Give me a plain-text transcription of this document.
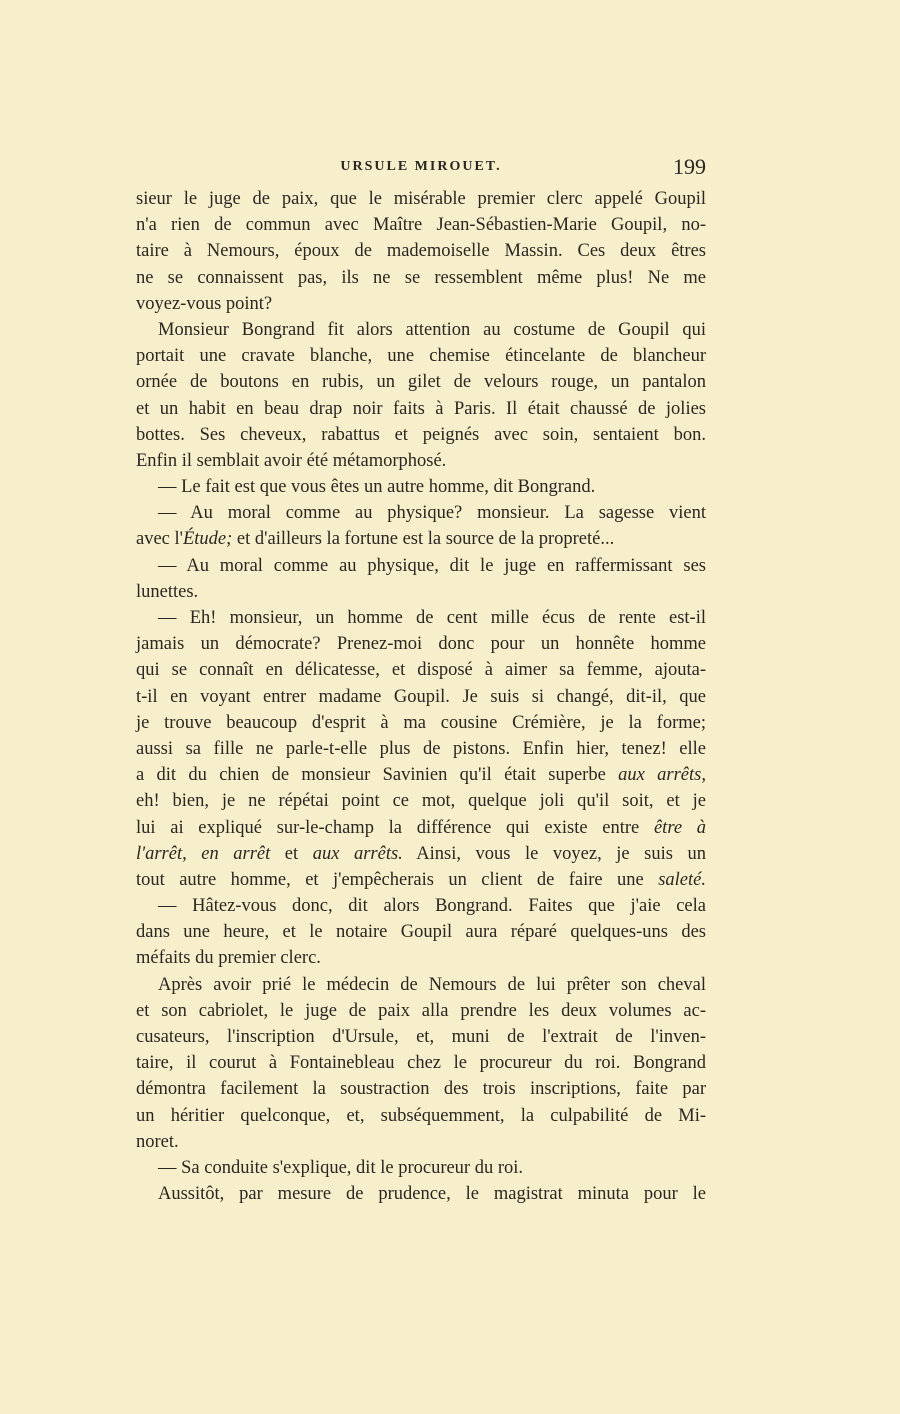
URSULE MIROUET.	199
sieur le juge de paix, que le misérable premier clerc appelé Goupil
n'a rien de commun avec Maître Jean-Sébastien-Marie Goupil, no-
taire à Nemours, époux de mademoiselle Massin. Ces deux êtres
ne se connaissent pas, ils ne se ressemblent même plus! Ne me
voyez-vous point?
Monsieur Bongrand fit alors attention au costume de Goupil qui
portait une cravate blanche, une chemise étincelante de blancheur
ornée de boutons en rubis, un gilet de velours rouge, un pantalon
et un habit en beau drap noir faits à Paris. Il était chaussé de jolies
bottes. Ses cheveux, rabattus et peignés avec soin, sentaient bon.
Enfin il semblait avoir été métamorphosé.
— Le fait est que vous êtes un autre homme, dit Bongrand.
— Au moral comme au physique? monsieur. La sagesse vient
avec l'Étude; et d'ailleurs la fortune est la source de la propreté...
— Au moral comme au physique, dit le juge en raffermissant ses
lunettes.
— Eh! monsieur, un homme de cent mille écus de rente est-il
jamais un démocrate? Prenez-moi donc pour un honnête homme
qui se connaît en délicatesse, et disposé à aimer sa femme, ajouta-
t-il en voyant entrer madame Goupil. Je suis si changé, dit-il, que
je trouve beaucoup d'esprit à ma cousine Crémière, je la forme;
aussi sa fille ne parle-t-elle plus de pistons. Enfin hier, tenez! elle
a dit du chien de monsieur Savinien qu'il était superbe aux arrêts,
eh! bien, je ne répétai point ce mot, quelque joli qu'il soit, et je
lui ai expliqué sur-le-champ la différence qui existe entre être à
l'arrêt, en arrêt et aux arrêts. Ainsi, vous le voyez, je suis un
tout autre homme, et j'empêcherais un client de faire une saleté.
— Hâtez-vous donc, dit alors Bongrand. Faites que j'aie cela
dans une heure, et le notaire Goupil aura réparé quelques-uns des
méfaits du premier clerc.
Après avoir prié le médecin de Nemours de lui prêter son cheval
et son cabriolet, le juge de paix alla prendre les deux volumes ac-
cusateurs, l'inscription d'Ursule, et, muni de l'extrait de l'inven-
taire, il courut à Fontainebleau chez le procureur du roi. Bongrand
démontra facilement la soustraction des trois inscriptions, faite par
un héritier quelconque, et, subséquemment, la culpabilité de Mi-
noret.
— Sa conduite s'explique, dit le procureur du roi.
Aussitôt, par mesure de prudence, le magistrat minuta pour le
